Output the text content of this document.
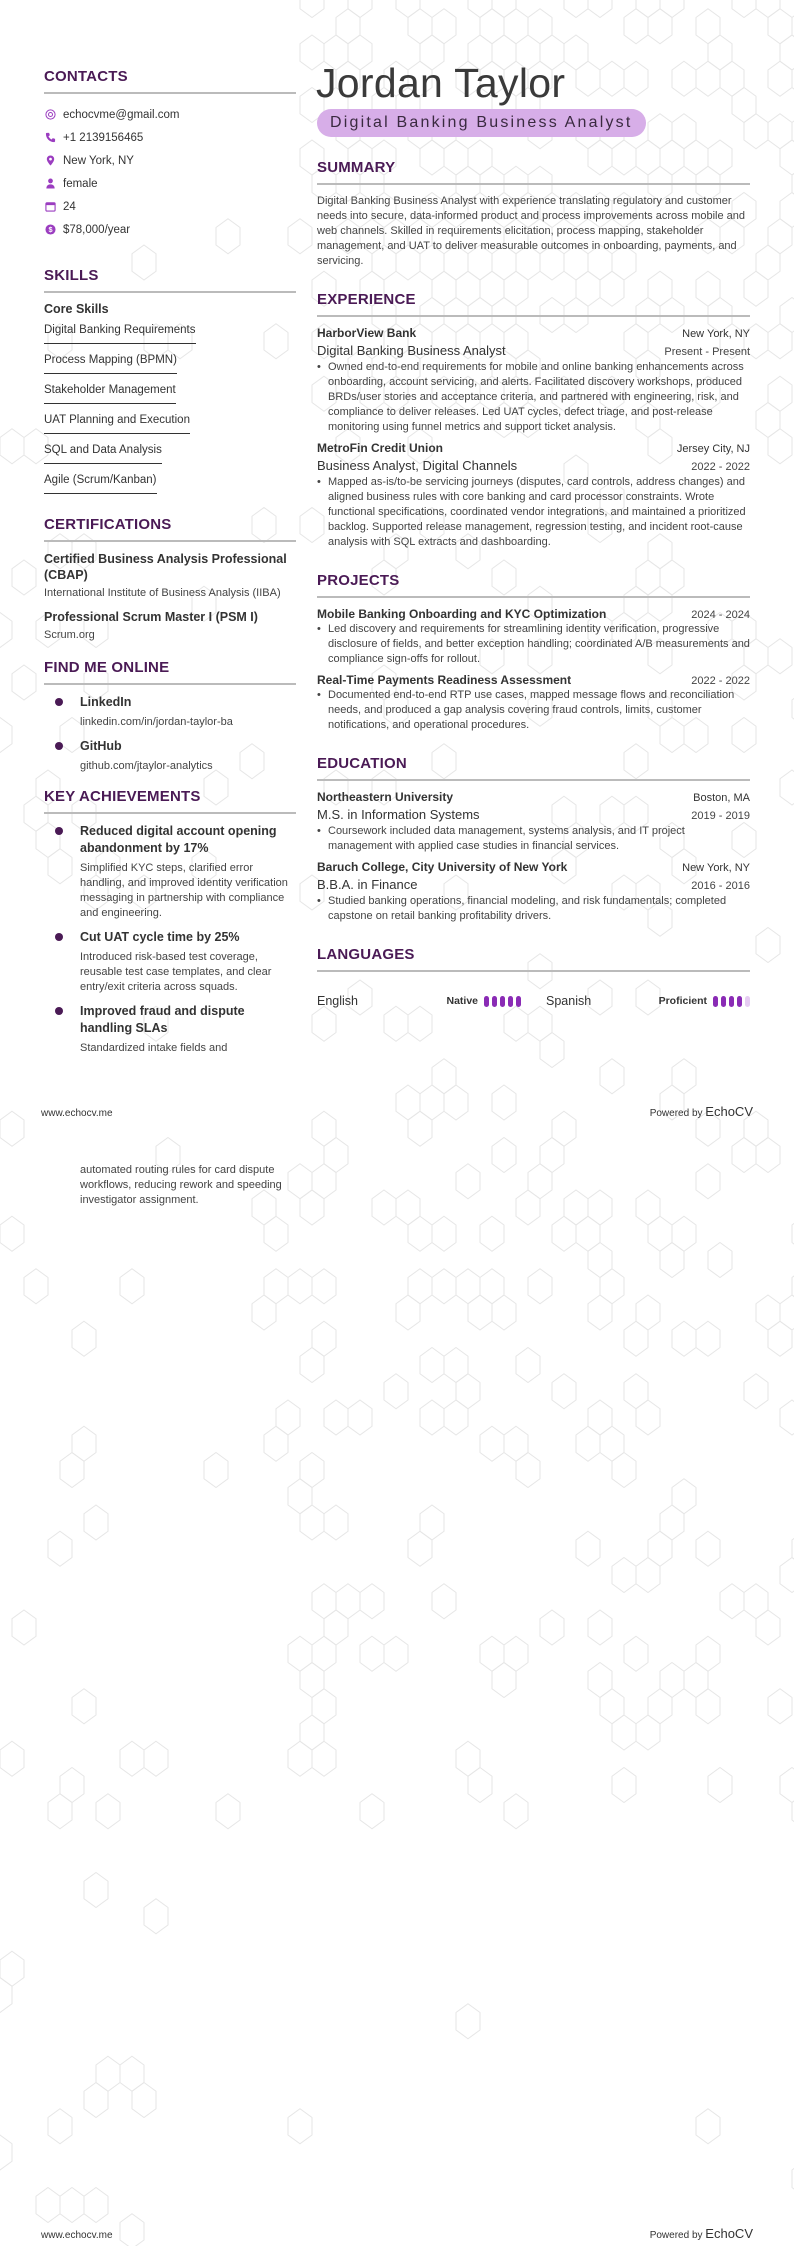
CONTACTS
echocvme@gmail.com
+1 2139156465
New York, NY
female
24
$ $78,000/year
SKILLS
Core Skills
Digital Banking Requirements
Process Mapping (BPMN)
Stakeholder Management
UAT Planning and Execution
SQL and Data Analysis
Agile (Scrum/Kanban)
CERTIFICATIONS
Certified Business Analysis Professional (CBAP)
International Institute of Business Analysis (IIBA)
Professional Scrum Master I (PSM I)
Scrum.org
FIND ME ONLINE
LinkedIn
linkedin.com/in/jordan-taylor-ba
GitHub
github.com/jtaylor-analytics
KEY ACHIEVEMENTS
Reduced digital account opening abandonment by 17%
Simplified KYC steps, clarified error handling, and improved identity verification messaging in partnership with compliance and engineering.
Cut UAT cycle time by 25%
Introduced risk-based test coverage, reusable test case templates, and clear entry/exit criteria across squads.
Improved fraud and dispute handling SLAs
Standardized intake fields and
Jordan Taylor
Digital Banking Business Analyst
SUMMARY
Digital Banking Business Analyst with experience translating regulatory and customer needs into secure, data-informed product and process improvements across mobile and web channels. Skilled in requirements elicitation, process mapping, stakeholder management, and UAT to deliver measurable outcomes in onboarding, payments, and servicing.
EXPERIENCE
HarborView Bank	New York, NY
Digital Banking Business Analyst	Present - Present
• Owned end-to-end requirements for mobile and online banking enhancements across onboarding, account servicing, and alerts. Facilitated discovery workshops, produced BRDs/user stories and acceptance criteria, and partnered with engineering, risk, and compliance to deliver releases. Led UAT cycles, defect triage, and post-release monitoring using funnel metrics and support ticket analysis.
MetroFin Credit Union	Jersey City, NJ
Business Analyst, Digital Channels	2022 - 2022
• Mapped as-is/to-be servicing journeys (disputes, card controls, address changes) and aligned business rules with core banking and card processor constraints. Wrote functional specifications, coordinated vendor integrations, and maintained a prioritized backlog. Supported release management, regression testing, and incident root-cause analysis with SQL extracts and dashboarding.
PROJECTS
Mobile Banking Onboarding and KYC Optimization	2024 - 2024
• Led discovery and requirements for streamlining identity verification, progressive disclosure of fields, and better exception handling; coordinated A/B measurements and compliance sign-offs for rollout.
Real-Time Payments Readiness Assessment	2022 - 2022
• Documented end-to-end RTP use cases, mapped message flows and reconciliation needs, and produced a gap analysis covering fraud controls, limits, customer notifications, and operational procedures.
EDUCATION
Northeastern University	Boston, MA
M.S. in Information Systems	2019 - 2019
• Coursework included data management, systems analysis, and IT project management with applied case studies in financial services.
Baruch College, City University of New York	New York, NY
B.B.A. in Finance	2016 - 2016
• Studied banking operations, financial modeling, and risk fundamentals; completed capstone on retail banking profitability drivers.
LANGUAGES
English	Native	Spanish	Proficient
www.echocv.me	Powered by EchoCV
automated routing rules for card dispute workflows, reducing rework and speeding investigator assignment.
www.echocv.me	Powered by EchoCV
